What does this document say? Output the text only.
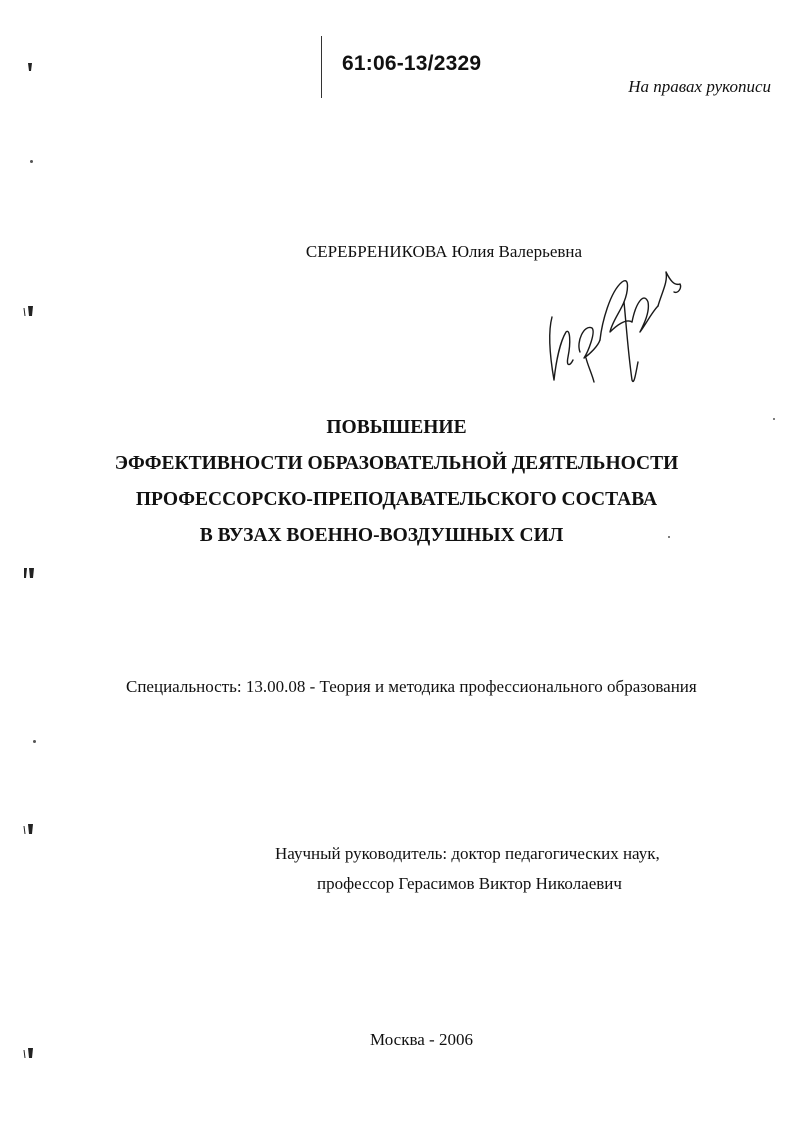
61:06-13/2329
На правах рукописи
СЕРЕБРЕНИКОВА Юлия Валерьевна
ПОВЫШЕНИЕ
ЭФФЕКТИВНОСТИ ОБРАЗОВАТЕЛЬНОЙ ДЕЯТЕЛЬНОСТИ
ПРОФЕССОРСКО-ПРЕПОДАВАТЕЛЬСКОГО СОСТАВА
В ВУЗАХ ВОЕННО-ВОЗДУШНЫХ СИЛ
Специальность: 13.00.08 - Теория и методика профессионального образования
Научный руководитель: доктор педагогических наук,
профессор Герасимов Виктор Николаевич
Москва - 2006
